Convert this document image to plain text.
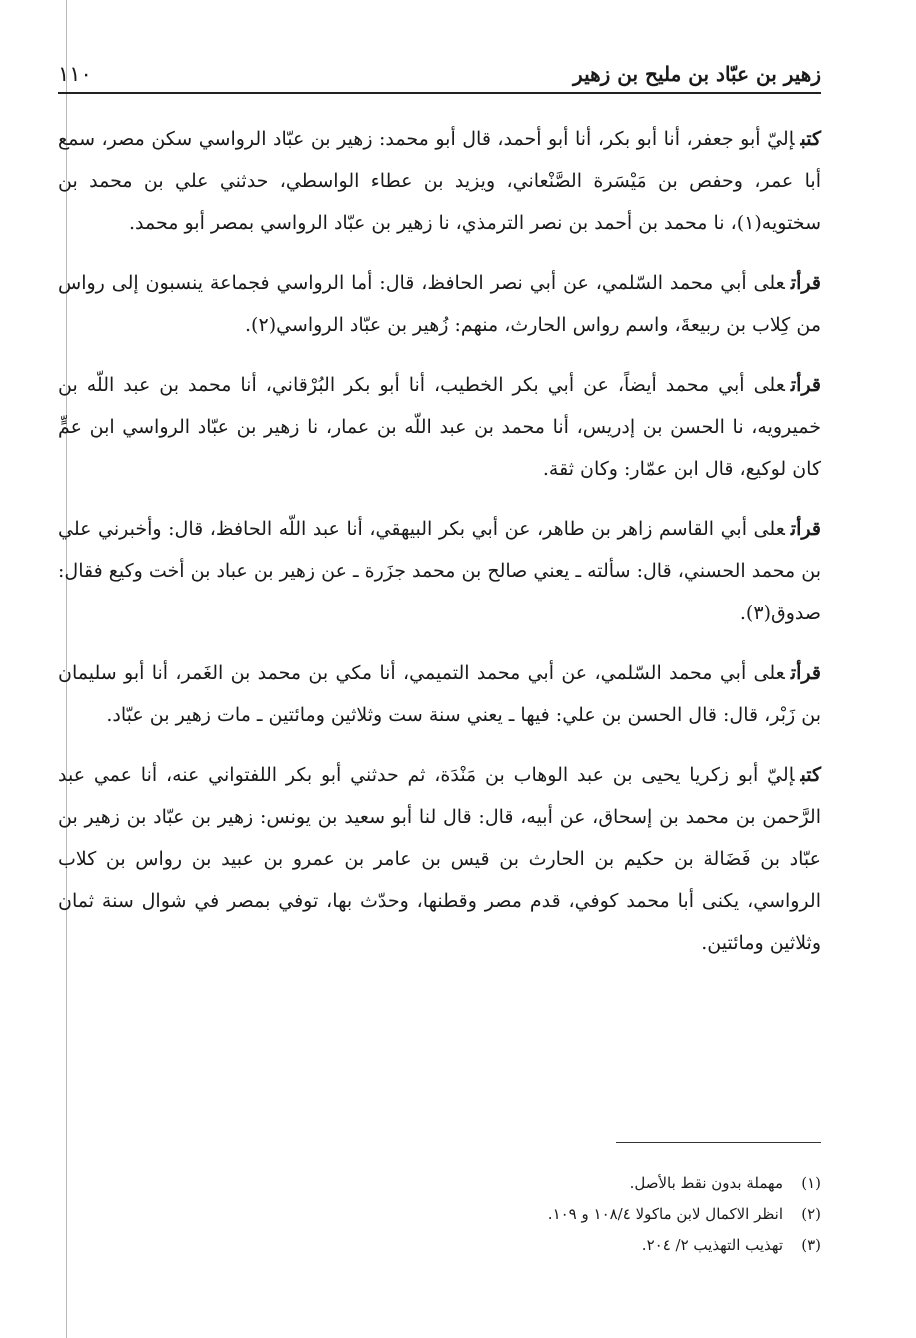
زهير بن عبّاد بن مليح بن زهير
١١٠

كتبإليّ أبو جعفر، أنا أبو بكر، أنا أبو أحمد، قال أبو محمد: زهير بن عبّاد الرواسي سكن مصر، سمع أبا عمر، وحفص بن مَيْسَرة الصَّنْعاني، ويزيد بن عطاء الواسطي، حدثني علي بن محمد بن سختويه(١)، نا محمد بن أحمد بن نصر الترمذي، نا زهير بن عبّاد الرواسي بمصر أبو محمد.

قرأتعلى أبي محمد السّلمي، عن أبي نصر الحافظ، قال: أما الرواسي فجماعة ينسبون إلى رواس من كِلاب بن ربيعةَ، واسم رواس الحارث، منهم: زُهير بن عبّاد الرواسي(٢).

قرأتعلى أبي محمد أيضاً، عن أبي بكر الخطيب، أنا أبو بكر البُرْقاني، أنا محمد بن عبد اللّه بن خميرويه، نا الحسن بن إدريس، أنا محمد بن عبد اللّه بن عمار، نا زهير بن عبّاد الرواسي ابن عمٍّ كان لوكيع، قال ابن عمّار: وكان ثقة.

قرأتعلى أبي القاسم زاهر بن طاهر، عن أبي بكر البيهقي، أنا عبد اللّه الحافظ، قال: وأخبرني علي بن محمد الحسني، قال: سألته ـ يعني صالح بن محمد جزَرة ـ عن زهير بن عباد بن أخت وكيع فقال: صدوق(٣).

قرأتعلى أبي محمد السّلمي، عن أبي محمد التميمي، أنا مكي بن محمد بن الغَمر، أنا أبو سليمان بن زَبْر، قال: قال الحسن بن علي: فيها ـ يعني سنة ست وثلاثين ومائتين ـ مات زهير بن عبّاد.

كتبإليّ أبو زكريا يحيى بن عبد الوهاب بن مَنْدَة، ثم حدثني أبو بكر اللفتواني عنه، أنا عمي عبد الرَّحمن بن محمد بن إسحاق، عن أبيه، قال: قال لنا أبو سعيد بن يونس: زهير بن عبّاد بن زهير بن عبّاد بن فَضَالة بن حكيم بن الحارث بن قيس بن عامر بن عمرو بن عبيد بن رواس بن كلاب الرواسي، يكنى أبا محمد كوفي، قدم مصر وقطنها، وحدّث بها، توفي بمصر في شوال سنة ثمان وثلاثين ومائتين.

(١)
مهملة بدون نقط بالأصل.
(٢)
انظر الاكمال لابن ماكولا ١٠٨/٤ و ١٠٩.
(٣)
تهذيب التهذيب ٢/ ٢٠٤.
